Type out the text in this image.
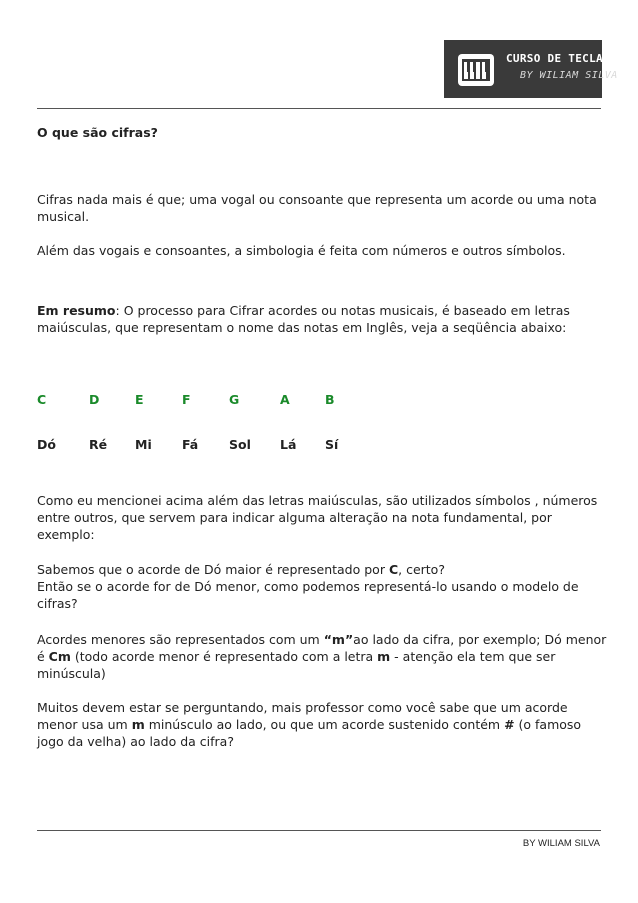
CURSO DE TECLADO
BY WILIAM SILVA

O que são cifras?

Cifras nada mais é que; uma vogal ou consoante que representa um acorde ou uma nota musical.

Além das vogais e consoantes, a simbologia é feita com números e outros símbolos.

Em resumo: O processo para Cifrar acordes ou notas musicais, é baseado em letras maiúsculas, que representam o nome das notas em Inglês, veja a seqüência abaixo:

C	D	E	F	G	A	B
Dó	Ré Mi Fá Sol Lá Sí

Como eu mencionei acima além das letras maiúsculas, são utilizados símbolos , números entre outros, que servem para indicar alguma alteração na nota fundamental, por exemplo:

Sabemos que o acorde de Dó maior é representado por C, certo?
Então se o acorde for de Dó menor, como podemos representá-lo usando o modelo de cifras?

Acordes menores são representados com um “m”ao lado da cifra, por exemplo; Dó menor é Cm (todo acorde menor é representado com a letra m - atenção ela tem que ser minúscula)

Muitos devem estar se perguntando, mais professor como você sabe que um acorde menor usa um m minúsculo ao lado, ou que um acorde sustenido contém # (o famoso jogo da velha) ao lado da cifra?

BY WILIAM SILVA
